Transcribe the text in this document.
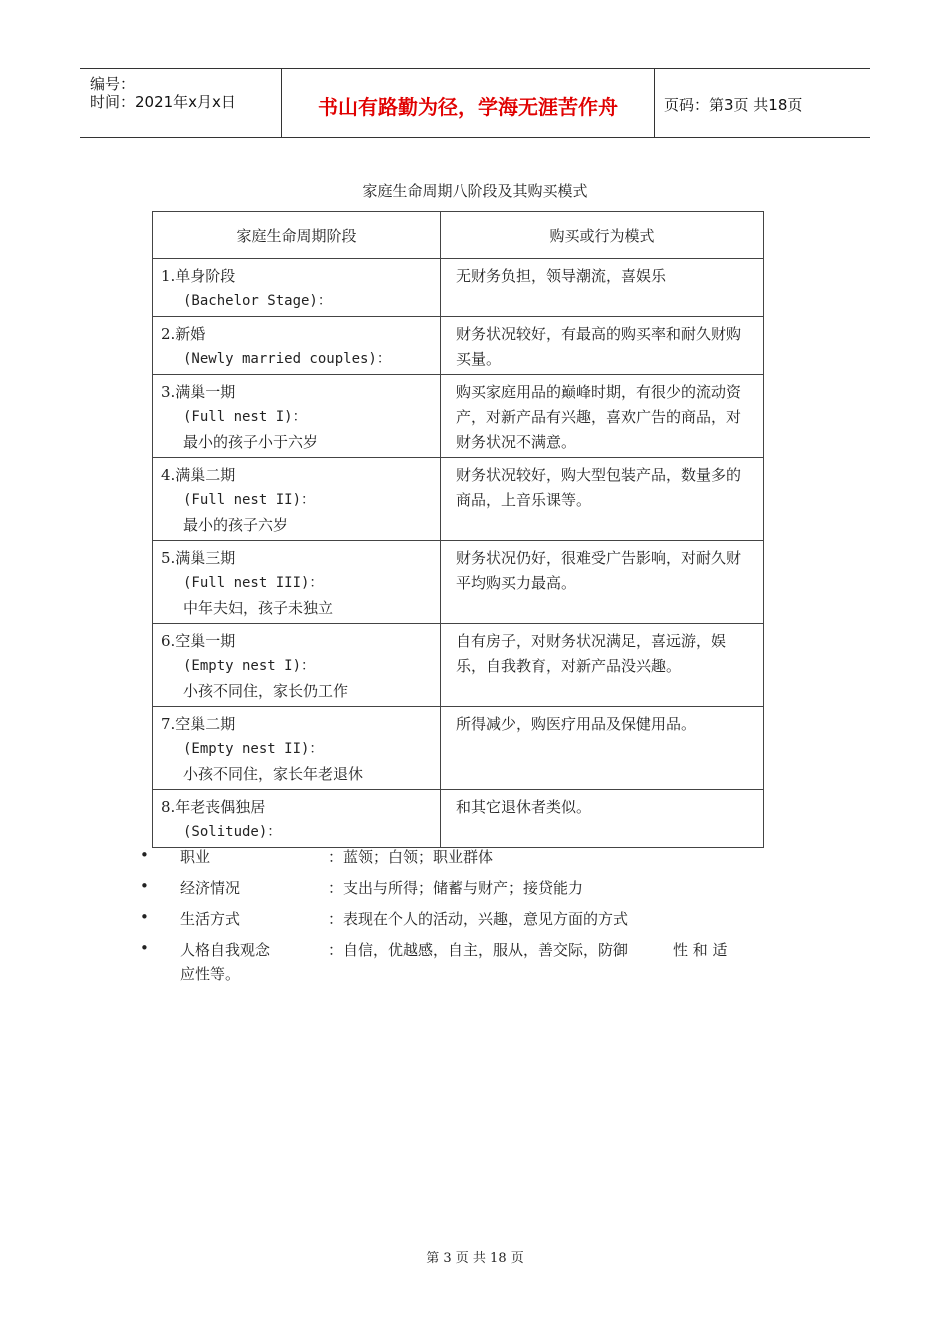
编号：
时间：2021年x月x日	书山有路勤为径，学海无涯苦作舟	页码：第3页 共18页
家庭生命周期八阶段及其购买模式
家庭生命周期阶段	购买或行为模式

1.单身阶段
(Bachelor Stage)：	无财务负担，领导潮流，喜娱乐

2.新婚
(Newly married couples)：	财务状况较好，有最高的购买率和耐久财购买量。

3.满巢一期
(Full nest I)：
最小的孩子小于六岁	购买家庭用品的巅峰时期，有很少的流动资产，对新产品有兴趣，喜欢广告的商品，对财务状况不满意。

4.满巢二期
(Full nest II)：
最小的孩子六岁	财务状况较好，购大型包装产品，数量多的商品，上音乐课等。

5.满巢三期
(Full nest III)：
中年夫妇，孩子未独立	财务状况仍好，很难受广告影响，对耐久财平均购买力最高。

6.空巢一期
(Empty nest I)：
小孩不同住，家长仍工作	自有房子，对财务状况满足，喜远游，娱乐，自我教育，对新产品没兴趣。

7.空巢二期
(Empty nest II)：
小孩不同住，家长年老退休	所得减少，购医疗用品及保健用品。

8.年老丧偶独居
(Solitude)：	和其它退休者类似。
• 职业	：蓝领；白领；职业群体
• 经济情况	：支出与所得；储蓄与财产；接贷能力
• 生活方式	：表现在个人的活动，兴趣，意见方面的方式
• 人格自我观念	：自信，优越感，自主，服从，善交际，防御　　　性 和 适
应性等。
第 3 页 共 18 页
